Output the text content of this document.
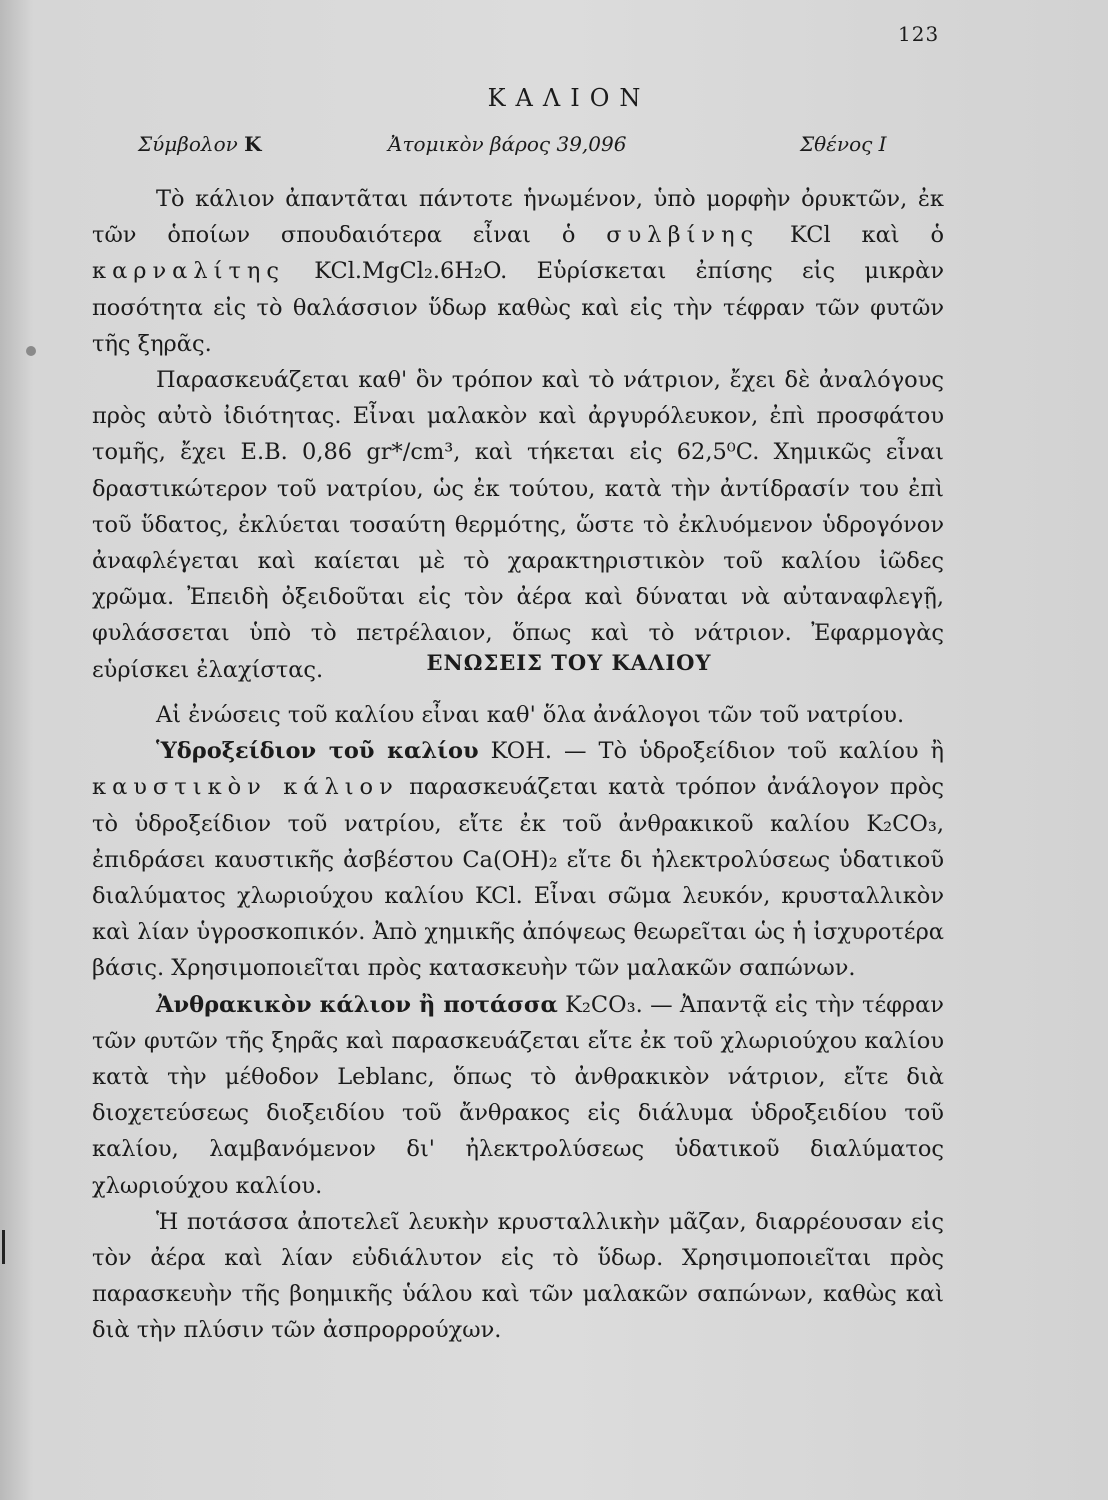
123
ΚΑΛΙΟΝ
Σύμβολον K	Ἀτομικὸν βάρος 39,096	Σθένος I

Τὸ κάλιον ἀπαντᾶται πάντοτε ἡνωμένον, ὑπὸ μορφὴν ὀρυκτῶν, ἐκ τῶν ὁποίων σπουδαιότερα εἶναι ὁ συλβίνης KCl καὶ ὁ καρναλίτης KCl.MgCl₂.6H₂O. Εὑρίσκεται ἐπίσης εἰς μικρὰν ποσότητα εἰς τὸ θαλάσσιον ὕδωρ καθὼς καὶ εἰς τὴν τέφραν τῶν φυτῶν τῆς ξηρᾶς.

Παρασκευάζεται καθ' ὃν τρόπον καὶ τὸ νάτριον, ἔχει δὲ ἀναλόγους πρὸς αὐτὸ ἰδιότητας. Εἶναι μαλακὸν καὶ ἀργυρόλευκον, ἐπὶ προσφάτου τομῆς, ἔχει E.B. 0,86 gr*/cm³, καὶ τήκεται εἰς 62,5⁰C. Χημικῶς εἶναι δραστικώτερον τοῦ νατρίου, ὡς ἐκ τούτου, κατὰ τὴν ἀντίδρασίν του ἐπὶ τοῦ ὕδατος, ἐκλύεται τοσαύτη θερμότης, ὥστε τὸ ἐκλυόμενον ὑδρογόνον ἀναφλέγεται καὶ καίεται μὲ τὸ χαρακτηριστικὸν τοῦ καλίου ἰῶδες χρῶμα. Ἐπειδὴ ὀξειδοῦται εἰς τὸν ἀέρα καὶ δύναται νὰ αὐταναφλεγῇ, φυλάσσεται ὑπὸ τὸ πετρέλαιον, ὅπως καὶ τὸ νάτριον. Ἐφαρμογὰς εὑρίσκει ἐλαχίστας.	ΕΝΩΣΕΙΣ ΤΟΥ ΚΑΛΙΟΥ

Αἱ ἐνώσεις τοῦ καλίου εἶναι καθ' ὅλα ἀνάλογοι τῶν τοῦ νατρίου.

Ὑδροξείδιον τοῦ καλίου KOH. — Τὸ ὑδροξείδιον τοῦ καλίου ἢ καυστικὸν κάλιον παρασκευάζεται κατὰ τρόπον ἀνάλογον πρὸς τὸ ὑδροξείδιον τοῦ νατρίου, εἴτε ἐκ τοῦ ἀνθρακικοῦ καλίου K₂CO₃, ἐπιδράσει καυστικῆς ἀσβέστου Ca(OH)₂ εἴτε δι ἠλεκτρολύσεως ὑδατικοῦ διαλύματος χλωριούχου καλίου KCl. Εἶναι σῶμα λευκόν, κρυσταλλικὸν καὶ λίαν ὑγροσκοπικόν. Ἀπὸ χημικῆς ἀπόψεως θεωρεῖται ὡς ἡ ἰσχυροτέρα βάσις. Χρησιμοποιεῖται πρὸς κατασκευὴν τῶν μαλακῶν σαπώνων.

Ἀνθρακικὸν κάλιον ἢ ποτάσσα K₂CO₃. — Ἀπαντᾷ εἰς τὴν τέφραν τῶν φυτῶν τῆς ξηρᾶς καὶ παρασκευάζεται εἴτε ἐκ τοῦ χλωριούχου καλίου κατὰ τὴν μέθοδον Leblanc, ὅπως τὸ ἀνθρακικὸν νάτριον, εἴτε διὰ διοχετεύσεως διοξειδίου τοῦ ἄνθρακος εἰς διάλυμα ὑδροξειδίου τοῦ καλίου, λαμβανόμενον δι' ἠλεκτρολύσεως ὑδατικοῦ διαλύματος χλωριούχου καλίου.

Ἡ ποτάσσα ἀποτελεῖ λευκὴν κρυσταλλικὴν μᾶζαν, διαρρέουσαν εἰς τὸν ἀέρα καὶ λίαν εὐδιάλυτον εἰς τὸ ὕδωρ. Χρησιμοποιεῖται πρὸς παρασκευὴν τῆς βοημικῆς ὑάλου καὶ τῶν μαλακῶν σαπώνων, καθὼς καὶ διὰ τὴν πλύσιν τῶν ἀσπρορρούχων.
